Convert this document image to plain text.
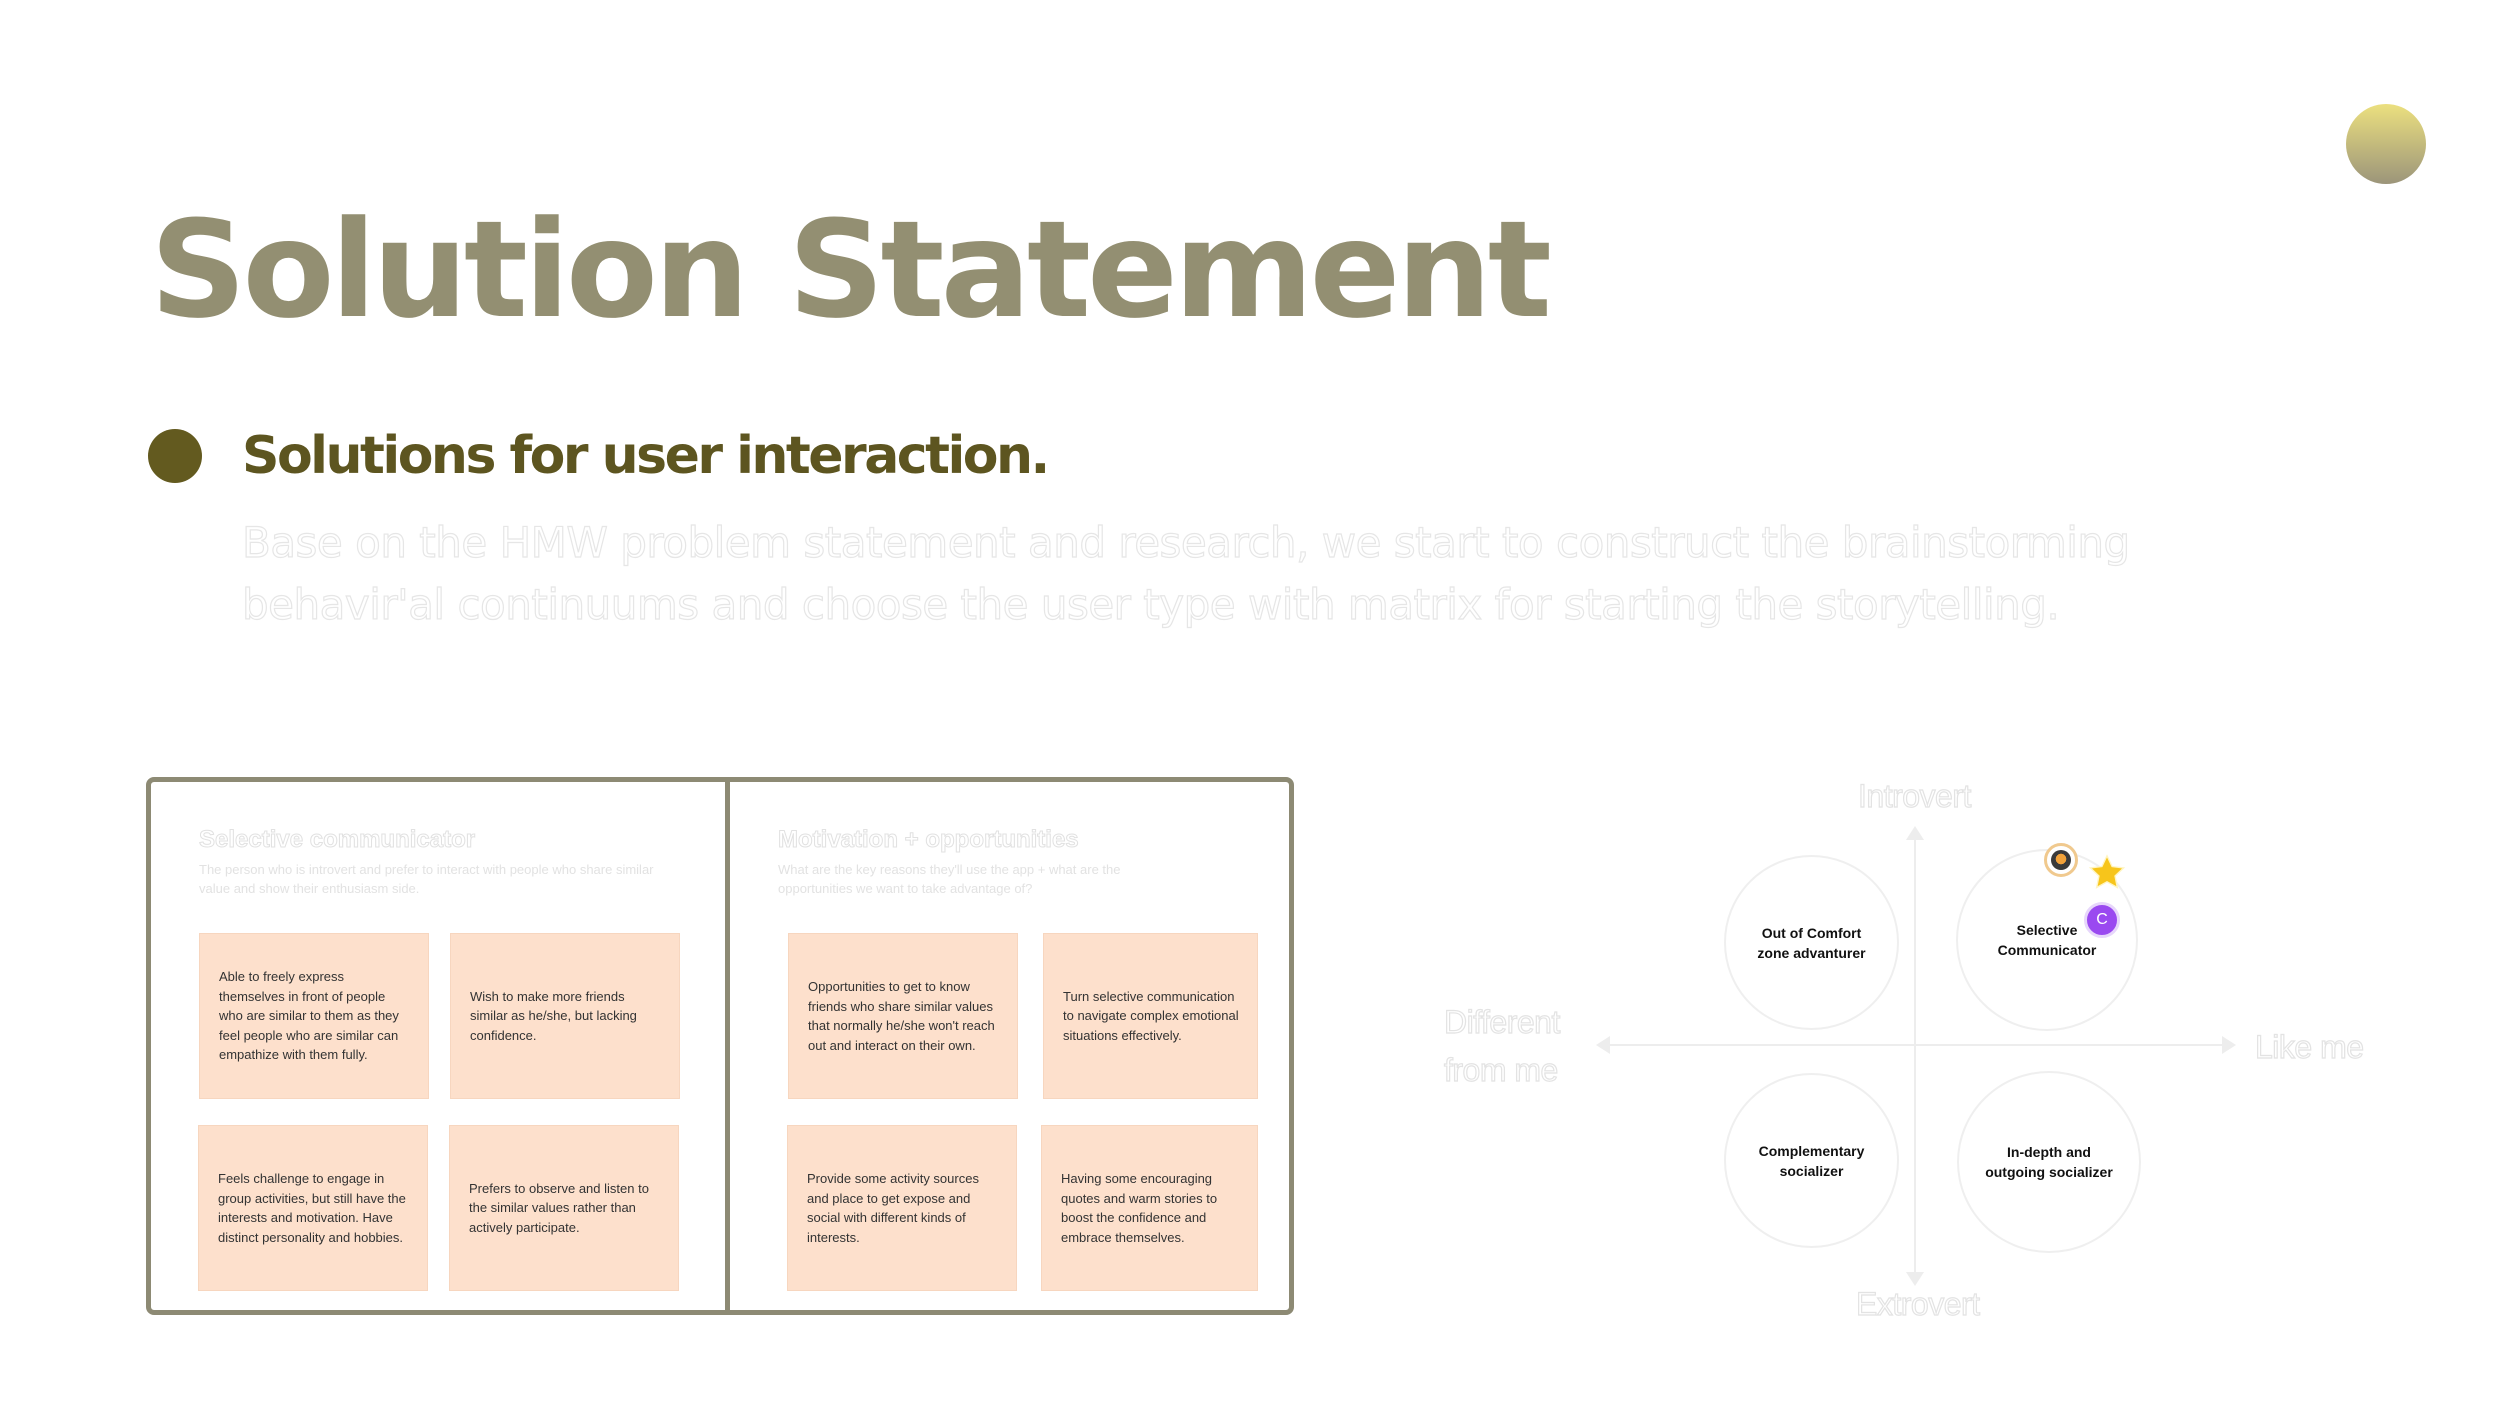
Solution Statement
Solutions for user interaction.

Base on the HMW problem statement and research, we start to construct the brainstorming
behavir'al continuums and choose the user type with matrix for starting the storytelling.

Selective communicator

The person who is introvert and prefer to interact with people who share similar
value and show their enthusiasm side.

Able to freely express themselves in front of people who are similar to them as they feel people who are similar can empathize with them fully.
Wish to make more friends similar as he/she, but lacking confidence.
Feels challenge to engage in group activities, but still have the interests and motivation. Have distinct personality and hobbies.
Prefers to observe and listen to the similar values rather than actively participate.

Motivation + opportunities

What are the key reasons they'll use the app + what are the
opportunities we want to take advantage of?

Opportunities to get to know friends who share similar values that normally he/she won't reach out and interact on their own.
Turn selective communication to navigate complex emotional situations effectively.
Provide some activity sources and place to get expose and social with different kinds of interests.
Having some encouraging quotes and warm stories to boost the confidence and embrace themselves.

Introvert

Extrovert

Different
from me

Like me

Out of Comfort zone advanturer
Selective Communicator
Complementary socializer
In-depth and outgoing socializer
C
